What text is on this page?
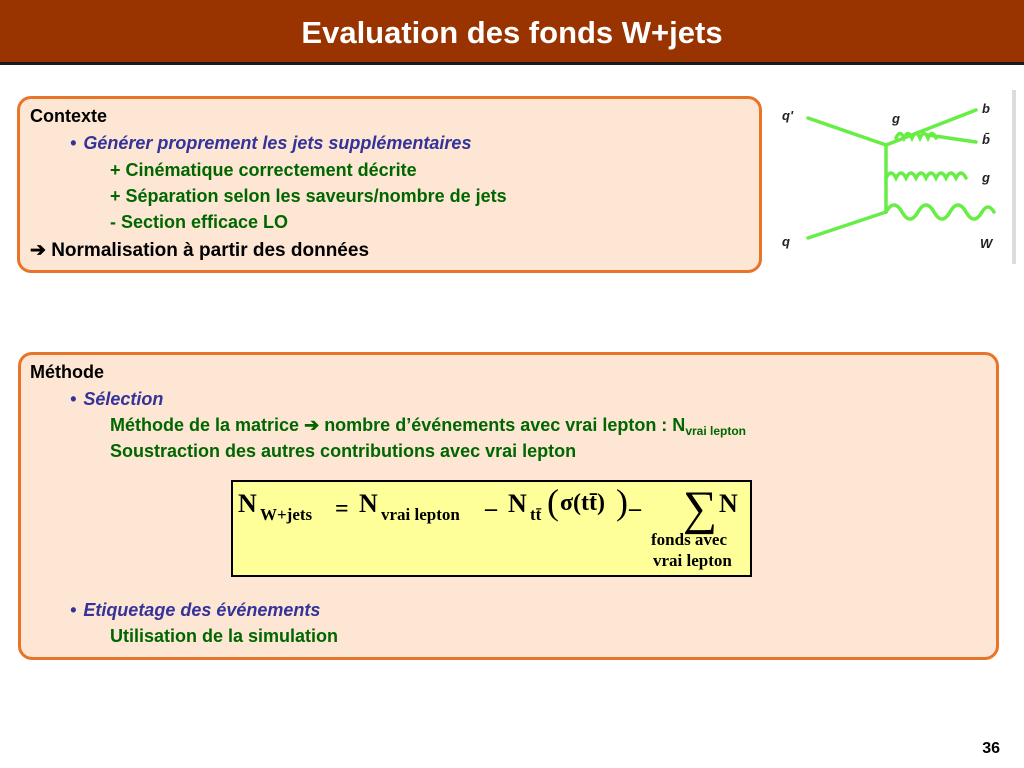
Evaluation des fonds W+jets
Contexte
• Générer proprement les jets supplémentaires
+ Cinématique correctement décrite
+ Séparation selon les saveurs/nombre de jets
- Section efficace LO
➔ Normalisation à partir des données
q'
q
g
b
b̄
g
W
Méthode
• Sélection
Méthode de la matrice ➔ nombre d’événements avec vrai lepton : $N_{vrai lepton}$
Soustraction des autres contributions avec vrai lepton
N W+jets = N vrai lepton – N tt̄ ( σ(tt̄) ) – ∑ N
fonds avec
vrai lepton
• Etiquetage des événements
Utilisation de la simulation
36
